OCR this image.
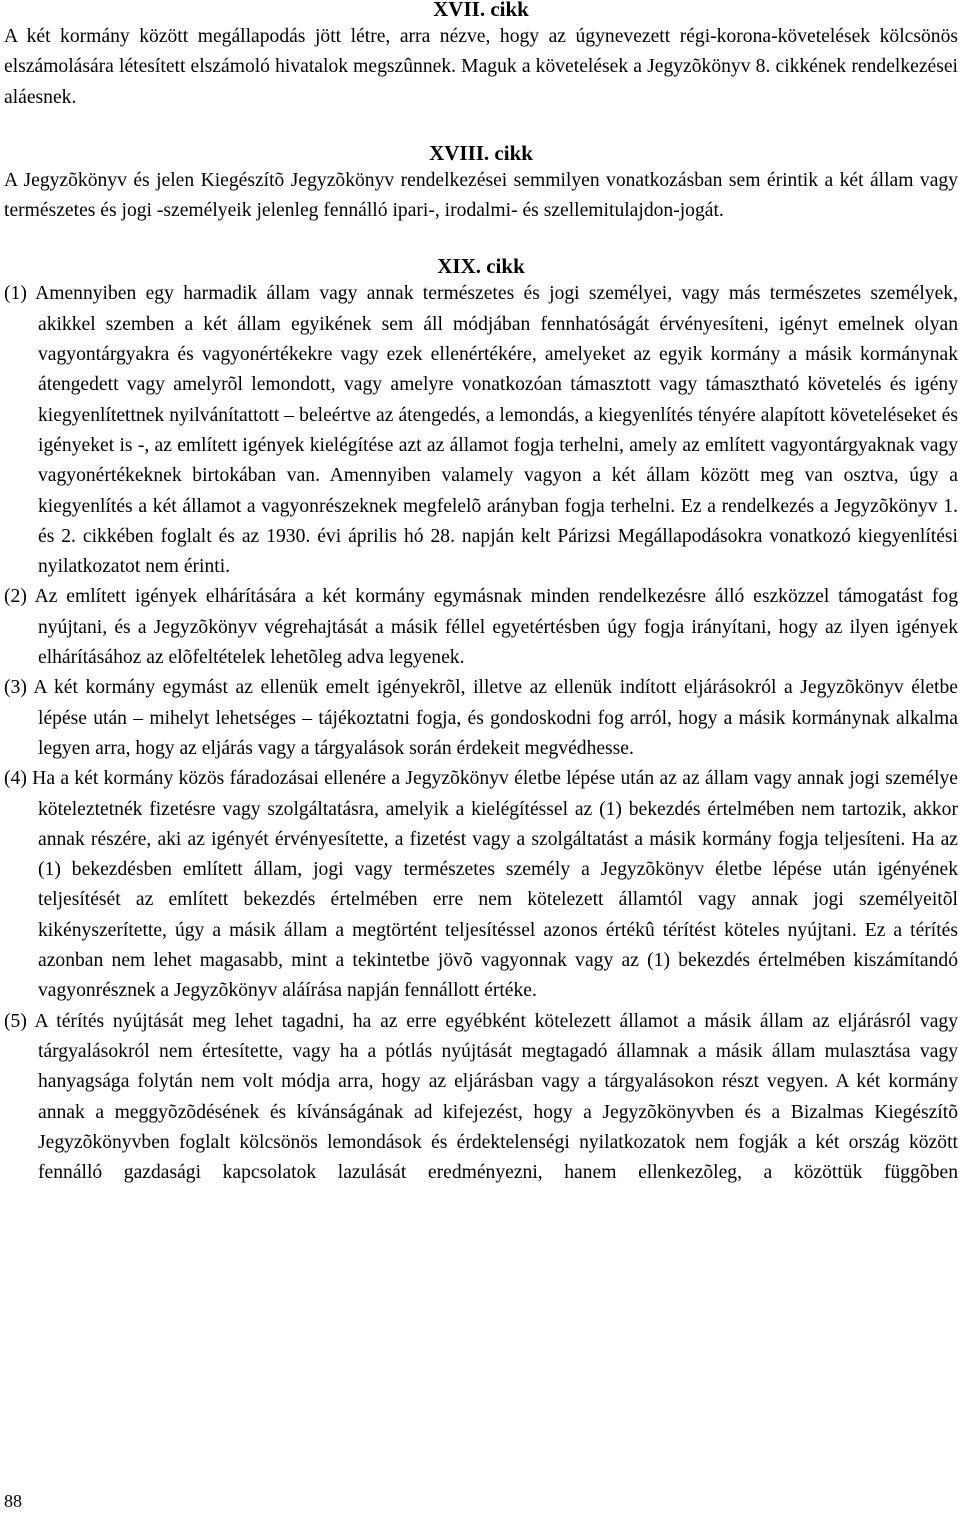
XVII. cikk

A két kormány között megállapodás jött létre, arra nézve, hogy az úgynevezett régi-korona-követelések kölcsönös elszámolására létesített elszámoló hivatalok megszûnnek. Maguk a követelések a Jegyzõkönyv 8. cikkének rendelkezései aláesnek.

XVIII. cikk

A Jegyzõkönyv és jelen Kiegészítõ Jegyzõkönyv rendelkezései semmilyen vonatkozásban sem érintik a két állam vagy természetes és jogi -személyeik jelenleg fennálló ipari-, irodalmi- és szellemitulajdon-jogát.

XIX. cikk

(1) Amennyiben egy harmadik állam vagy annak természetes és jogi személyei, vagy más természetes személyek, akikkel szemben a két állam egyikének sem áll módjában fennhatóságát érvényesíteni, igényt emelnek olyan vagyontárgyakra és vagyonértékekre vagy ezek ellenértékére, amelyeket az egyik kormány a másik kormánynak átengedett vagy amelyrõl lemondott, vagy amelyre vonatkozóan támasztott vagy támasztható követelés és igény kiegyenlítettnek nyilvánítattott – beleértve az átengedés, a lemondás, a kiegyenlítés tényére alapított követeléseket és igényeket is -, az említett igények kielégítése azt az államot fogja terhelni, amely az említett vagyontárgyaknak vagy vagyonértékeknek birtokában van. Amennyiben valamely vagyon a két állam között meg van osztva, úgy a kiegyenlítés a két államot a vagyonrészeknek megfelelõ arányban fogja terhelni. Ez a rendelkezés a Jegyzõkönyv 1. és 2. cikkében foglalt és az 1930. évi április hó 28. napján kelt Párizsi Megállapodásokra vonatkozó kiegyenlítési nyilatkozatot nem érinti.

(2) Az említett igények elhárítására a két kormány egymásnak minden rendelkezésre álló eszközzel támogatást fog nyújtani, és a Jegyzõkönyv végrehajtását a másik féllel egyetértésben úgy fogja irányítani, hogy az ilyen igények elhárításához az elõfeltételek lehetõleg adva legyenek.

(3) A két kormány egymást az ellenük emelt igényekrõl, illetve az ellenük indított eljárásokról a Jegyzõkönyv életbe lépése után – mihelyt lehetséges – tájékoztatni fogja, és gondoskodni fog arról, hogy a másik kormánynak alkalma legyen arra, hogy az eljárás vagy a tárgyalások során érdekeit megvédhesse.

(4) Ha a két kormány közös fáradozásai ellenére a Jegyzõkönyv életbe lépése után az az állam vagy annak jogi személye köteleztetnék fizetésre vagy szolgáltatásra, amelyik a kielégítéssel az (1) bekezdés értelmében nem tartozik, akkor annak részére, aki az igényét érvényesítette, a fizetést vagy a szolgáltatást a másik kormány fogja teljesíteni. Ha az (1) bekezdésben említett állam, jogi vagy természetes személy a Jegyzõkönyv életbe lépése után igényének teljesítését az említett bekezdés értelmében erre nem kötelezett államtól vagy annak jogi személyeitõl kikényszerítette, úgy a másik állam a megtörtént teljesítéssel azonos értékû térítést köteles nyújtani. Ez a térítés azonban nem lehet magasabb, mint a tekintetbe jövõ vagyonnak vagy az (1) bekezdés értelmében kiszámítandó vagyonrésznek a Jegyzõkönyv aláírása napján fennállott értéke.

(5) A térítés nyújtását meg lehet tagadni, ha az erre egyébként kötelezett államot a másik állam az eljárásról vagy tárgyalásokról nem értesítette, vagy ha a pótlás nyújtását megtagadó államnak a másik állam mulasztása vagy hanyagsága folytán nem volt módja arra, hogy az eljárásban vagy a tárgyalásokon részt vegyen. A két kormány annak a meggyõzõdésének és kívánságának ad kifejezést, hogy a Jegyzõkönyvben és a Bizalmas Kiegészítõ Jegyzõkönyvben foglalt kölcsönös lemondások és érdektelenségi nyilatkozatok nem fogják a két ország között fennálló gazdasági kapcsolatok lazulását eredményezni, hanem ellenkezõleg, a közöttük függõben

88
